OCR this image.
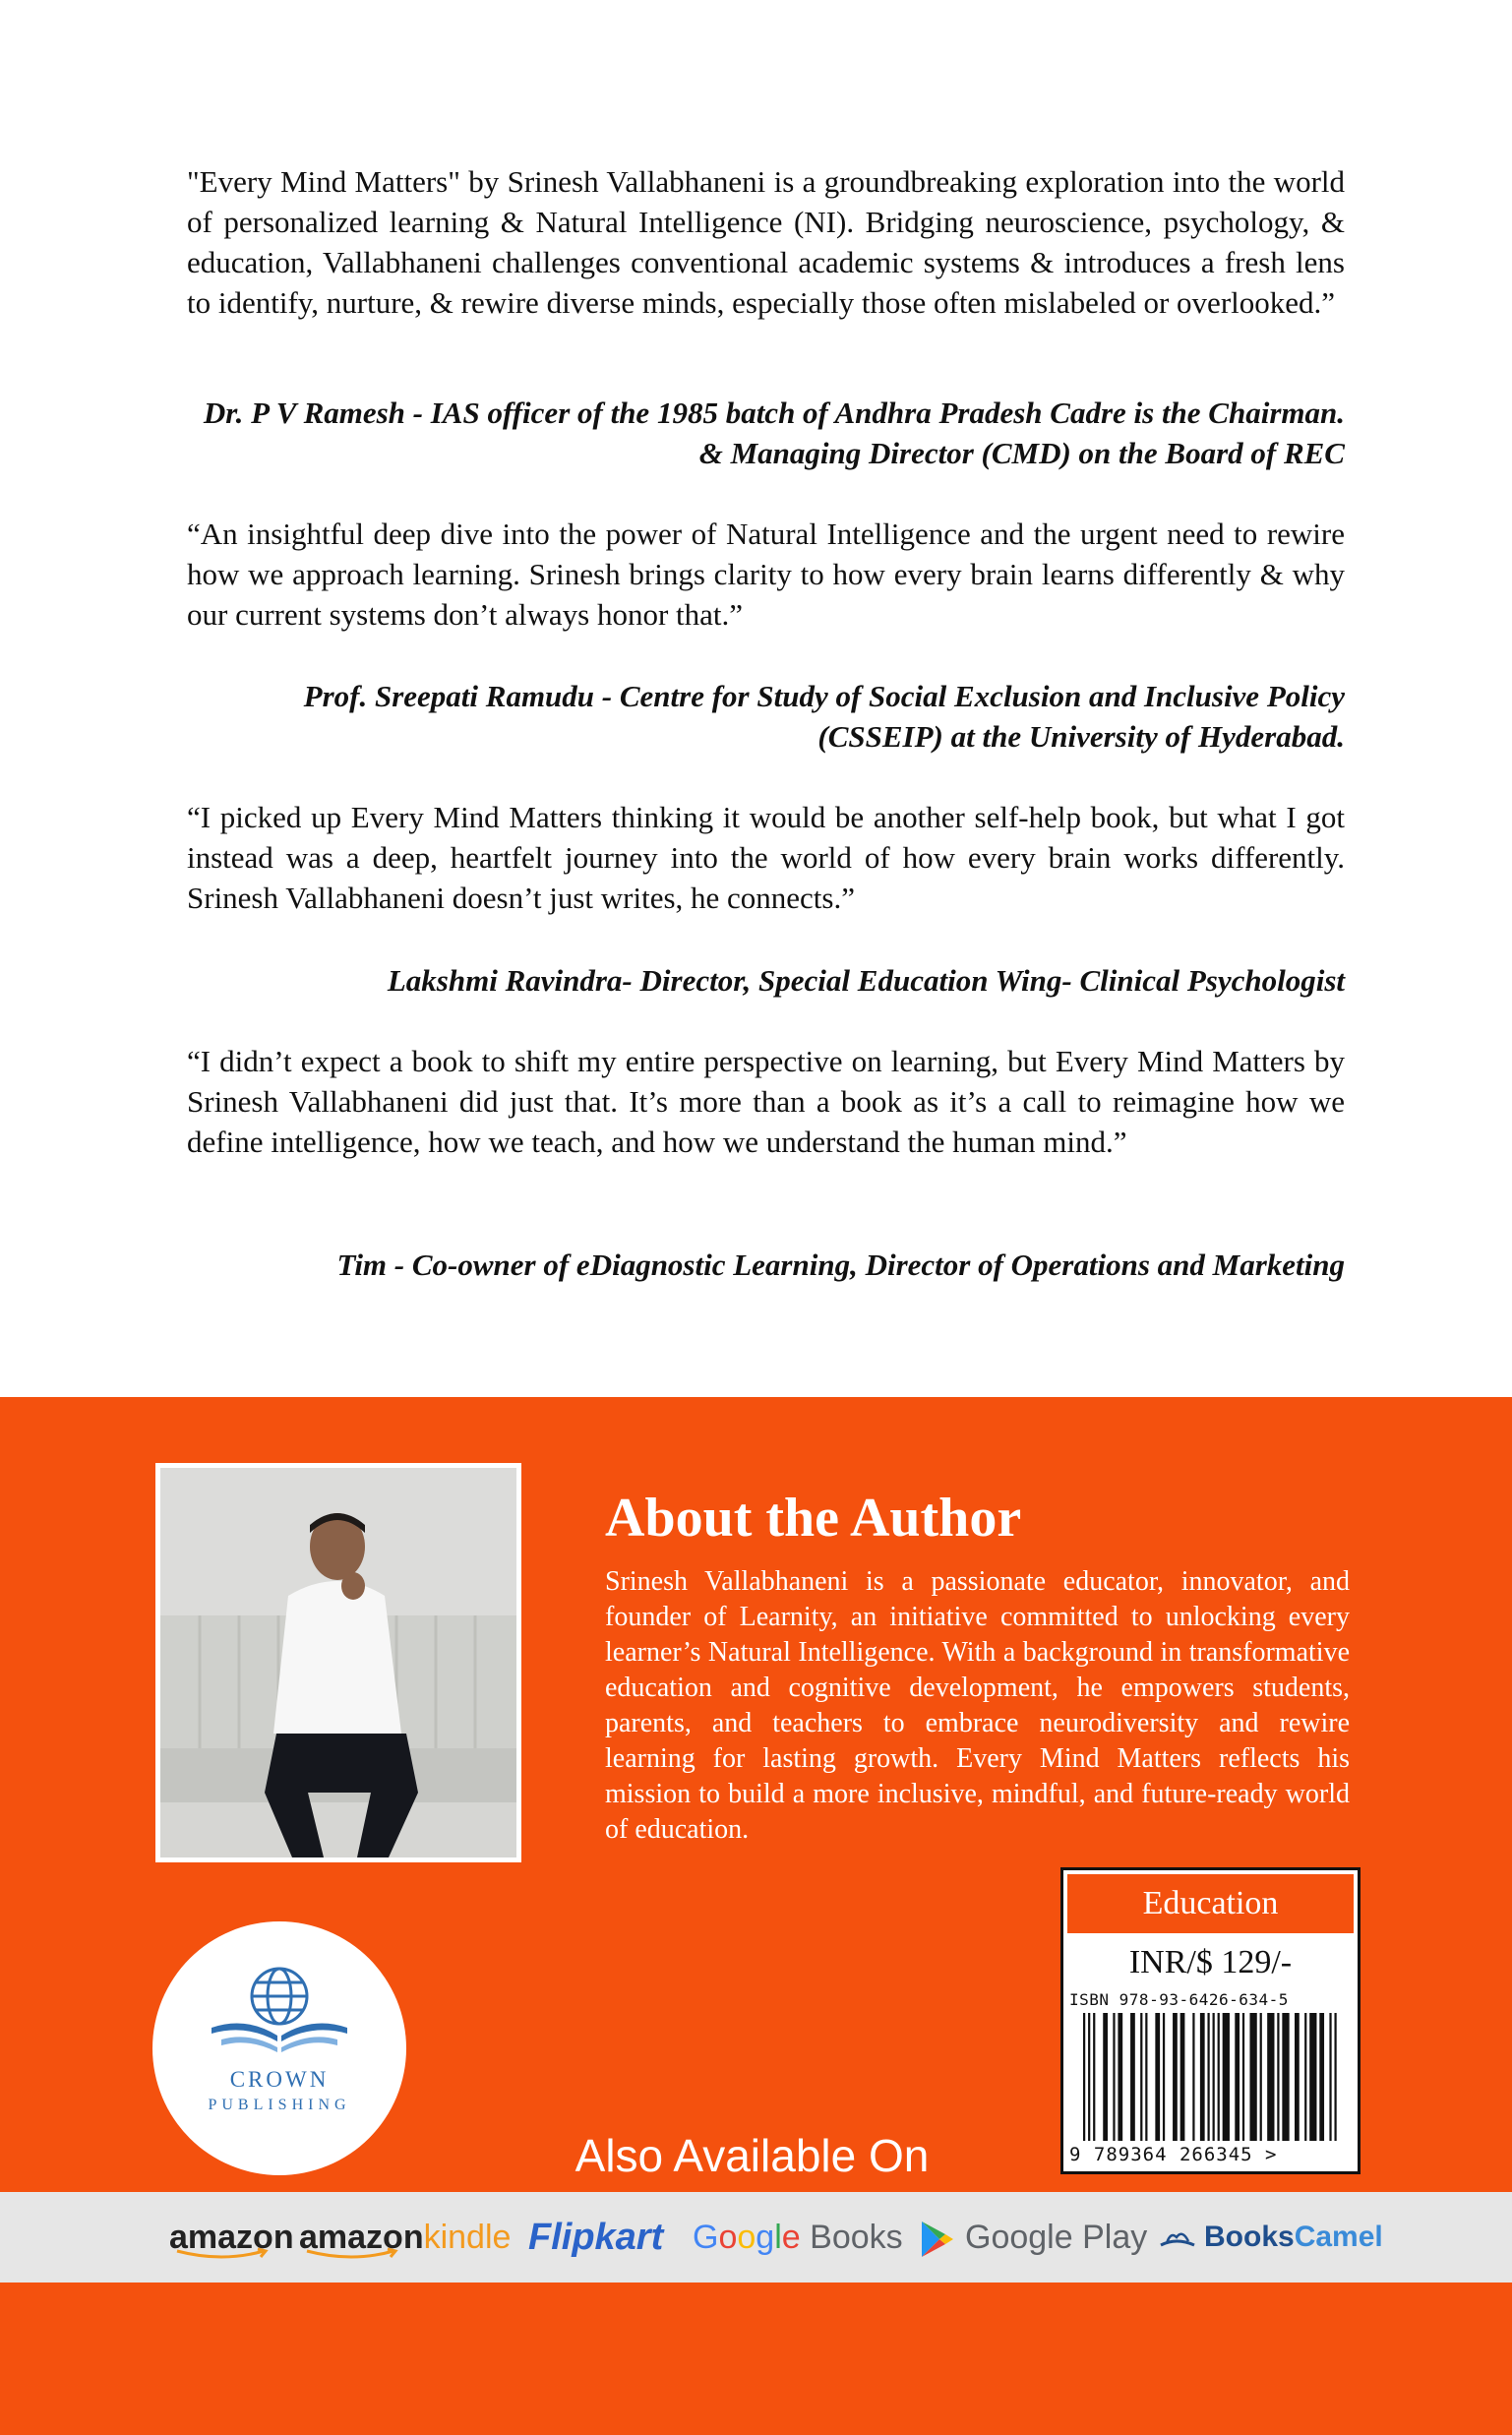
"Every Mind Matters" by Srinesh Vallabhaneni is a groundbreaking exploration into the world of personalized learning & Natural Intelligence (NI). Bridging neuroscience, psychology, & education, Vallabhaneni challenges conventional academic systems & introduces a fresh lens to identify, nurture, & rewire diverse minds, especially those often mislabeled or overlooked.”

Dr. P V Ramesh - IAS officer of the 1985 batch of Andhra Pradesh Cadre is the Chairman. & Managing Director (CMD) on the Board of REC

“An insightful deep dive into the power of Natural Intelligence and the urgent need to rewire how we approach learning. Srinesh brings clarity to how every brain learns differently & why our current systems don’t always honor that.”

Prof. Sreepati Ramudu - Centre for Study of Social Exclusion and Inclusive Policy (CSSEIP) at the University of Hyderabad.

“I picked up Every Mind Matters thinking it would be another self-help book, but what I got instead was a deep, heartfelt journey into the world of how every brain works differently. Srinesh Vallabhaneni doesn’t just writes, he connects.”

Lakshmi Ravindra- Director, Special Education Wing- Clinical Psychologist

“I didn’t expect a book to shift my entire perspective on learning, but Every Mind Matters by Srinesh Vallabhaneni did just that. It’s more than a book as it’s a call to reimagine how we define intelligence, how we teach, and how we understand the human mind.”

Tim - Co-owner of eDiagnostic Learning, Director of Operations and Marketing

About the Author

Srinesh Vallabhaneni is a passionate educator, innovator, and founder of Learnity, an initiative committed to unlocking every learner’s Natural Intelligence. With a background in transformative education and cognitive development, he empowers students, parents, and teachers to embrace neurodiversity and rewire learning for lasting growth. Every Mind Matters reflects his mission to build a more inclusive, mindful, and future-ready world of education.

CROWN
PUBLISHING
Education
INR/$ 129/-
ISBN 978-93-6426-634-5
9 789364 266345 >

Also Available On

amazon amazonkindle Flipkart Google Books	Google Play	BooksCamel
